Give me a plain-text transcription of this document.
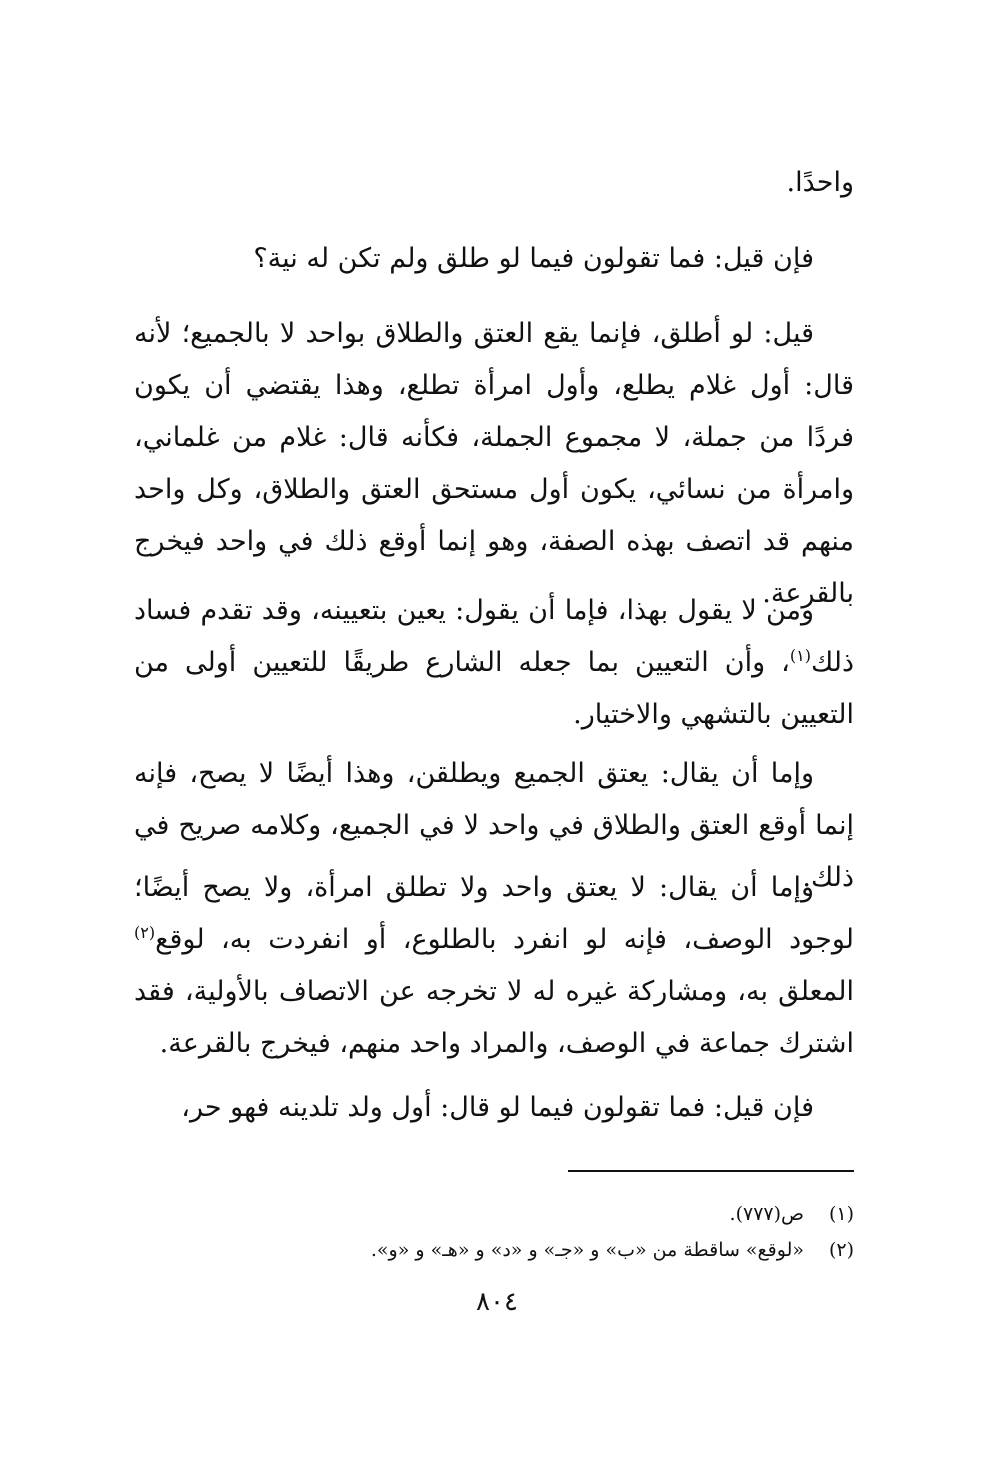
واحدًا.

فإن قيل: فما تقولون فيما لو طلق ولم تكن له نية؟

قيل: لو أطلق، فإنما يقع العتق والطلاق بواحد لا بالجميع؛ لأنه قال: أول غلام يطلع، وأول امرأة تطلع، وهذا يقتضي أن يكون فردًا من جملة، لا مجموع الجملة، فكأنه قال: غلام من غلماني، وامرأة من نسائي، يكون أول مستحق العتق والطلاق، وكل واحد منهم قد اتصف بهذه الصفة، وهو إنما أوقع ذلك في واحد فيخرج بالقرعة.

ومن لا يقول بهذا، فإما أن يقول: يعين بتعيينه، وقد تقدم فساد ذلك$^{(١)}$، وأن التعيين بما جعله الشارع طريقًا للتعيين أولى من التعيين بالتشهي والاختيار.

وإما أن يقال: يعتق الجميع ويطلقن، وهذا أيضًا لا يصح، فإنه إنما أوقع العتق والطلاق في واحد لا في الجميع، وكلامه صريح في ذلك.

وإما أن يقال: لا يعتق واحد ولا تطلق امرأة، ولا يصح أيضًا؛ لوجود الوصف، فإنه لو انفرد بالطلوع، أو انفردت به، لوقع$^{(٢)}$ المعلق به، ومشاركة غيره له لا تخرجه عن الاتصاف بالأولية، فقد اشترك جماعة في الوصف، والمراد واحد منهم، فيخرج بالقرعة.

فإن قيل: فما تقولون فيما لو قال: أول ولد تلدينه فهو حر،

(١)
ص(٧٧٧).
(٢)
«لوقع» ساقطة من «ب» و «جـ» و «د» و «هـ» و «و».
٨٠٤
